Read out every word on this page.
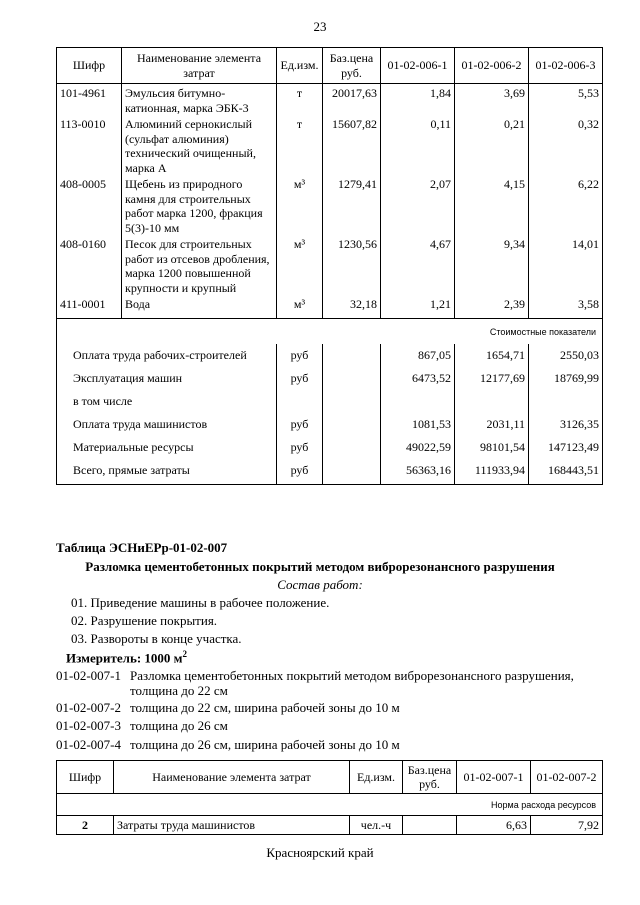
23
Шифр	Наименование элемента затрат	Ед.изм.	Баз.цена руб.	01-02-006-1	01-02-006-2	01-02-006-3
101-4961	Эмульсия битумно-катионная, марка ЭБК-3	т	20017,63	1,84	3,69	5,53
113-0010	Алюминий сернокислый (сульфат алюминия) технический очищенный, марка А	т	15607,82	0,11	0,21	0,32
408-0005	Щебень из природного камня для строительных работ марка 1200, фракция 5(3)-10 мм	м³	1279,41	2,07	4,15	6,22
408-0160	Песок для строительных работ из отсевов дробления, марка 1200 повышенной крупности и крупный	м³	1230,56	4,67	9,34	14,01
411-0001	Вода	м³	32,18	1,21	2,39	3,58
Стоимостные показатели						
Оплата труда рабочих-строителей		руб		867,05	1654,71	2550,03
Эксплуатация машин		руб		6473,52	12177,69	18769,99
в том числе						
Оплата труда машинистов		руб		1081,53	2031,11	3126,35
Материальные ресурсы		руб		49022,59	98101,54	147123,49
Всего, прямые затраты		руб		56363,16	111933,94	168443,51
Таблица ЭСНиЕРр-01-02-007
Разломка цементобетонных покрытий методом виброрезонансного разрушения
Состав работ:
01. Приведение машины в рабочее положение.
02. Разрушение покрытия.
03. Развороты в конце участка.
Измеритель: 1000 $м^2$
01-02-007-1 Разломка цементобетонных покрытий методом виброрезонансного разрушения, толщина до 22 см
01-02-007-2 толщина до 22 см, ширина рабочей зоны до 10 м
01-02-007-3 толщина до 26 см
01-02-007-4 толщина до 26 см, ширина рабочей зоны до 10 м
Шифр	Наименование элемента затрат	Ед.изм.	Баз.цена руб.	01-02-007-1	01-02-007-2
Норма расхода ресурсов					
2	Затраты труда машинистов	чел.-ч		6,63	7,92
Красноярский край
